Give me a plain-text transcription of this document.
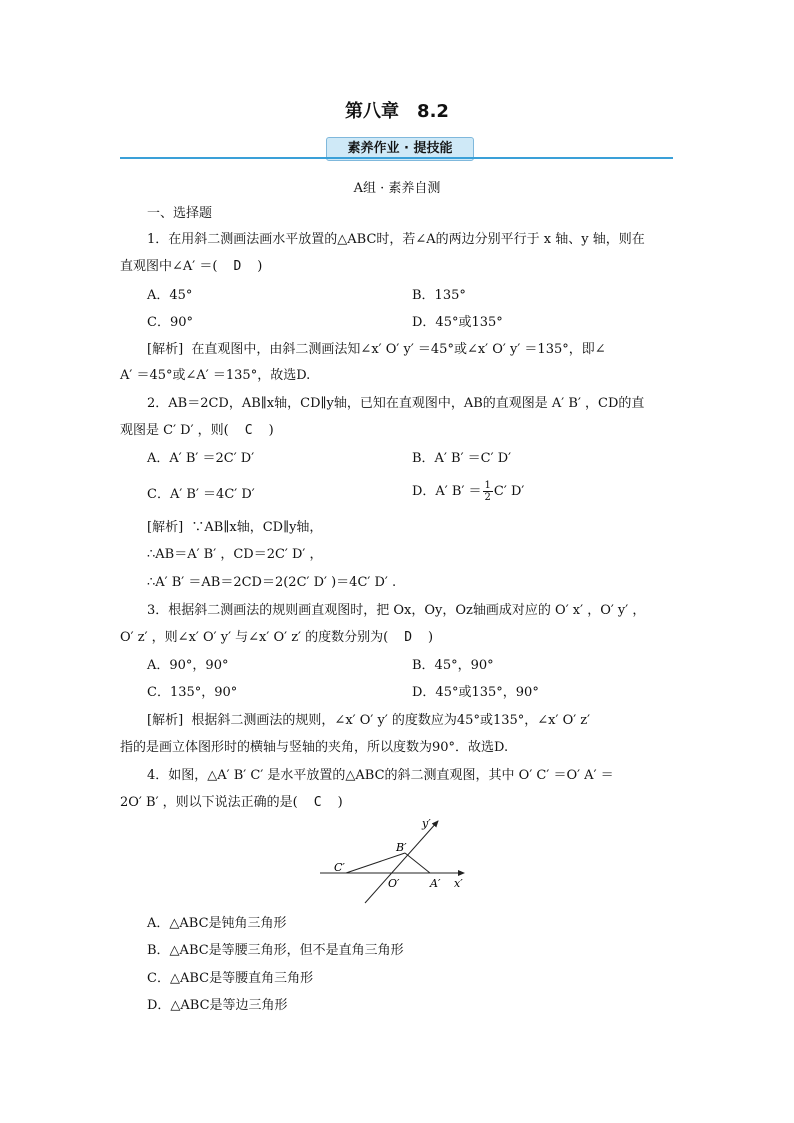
第八章　8.2
素养作业 · 提技能
A组 · 素养自测
一、选择题
1．在用斜二测画法画水平放置的△ABC时，若∠A的两边分别平行于 x 轴、y 轴，则在
直观图中∠A′ ＝(　D　)
A．45°	B．135°
C．90°	D．45°或135°
[解析] 在直观图中，由斜二测画法知∠x′ O′ y′ ＝45°或∠x′ O′ y′ ＝135°，即∠
A′ ＝45°或∠A′ ＝135°，故选D.
2．AB＝2CD，AB∥x轴，CD∥y轴，已知在直观图中，AB的直观图是 A′ B′ ，CD的直
观图是 C′ D′ ，则(　C　)
A．A′ B′ ＝2C′ D′	B．A′ B′ ＝C′ D′
C．A′ B′ ＝4C′ D′	D．A′ $B' = \frac{1}{2} C'$ D′
[解析] ∵AB∥x轴，CD∥y轴，
∴AB＝A′ B′ ，CD＝2C′ D′ ，
∴A′ B′ ＝AB＝2CD＝2(2C′ D′ )＝4C′ D′ .
3．根据斜二测画法的规则画直观图时，把 Ox，Oy，Oz轴画成对应的 O′ x′ ，O′ y′ ，
O′ z′ ，则∠x′ O′ y′ 与∠x′ O′ z′ 的度数分别为(　D　)
A．90°，90°	B．45°，90°
C．135°，90°	D．45°或135°，90°
[解析] 根据斜二测画法的规则，∠x′ O′ y′ 的度数应为45°或135°，∠x′ O′ z′
指的是画立体图形时的横轴与竖轴的夹角，所以度数为90°．故选D.
4．如图，△A′ B′ C′ 是水平放置的△ABC的斜二测直观图，其中 O′ C′ ＝O′ A′ ＝
2O′ B′ ，则以下说法正确的是(　C　)
y′
x′
B′
C′
O′	A′
A．△ABC是钝角三角形
B．△ABC是等腰三角形，但不是直角三角形
C．△ABC是等腰直角三角形
D．△ABC是等边三角形
